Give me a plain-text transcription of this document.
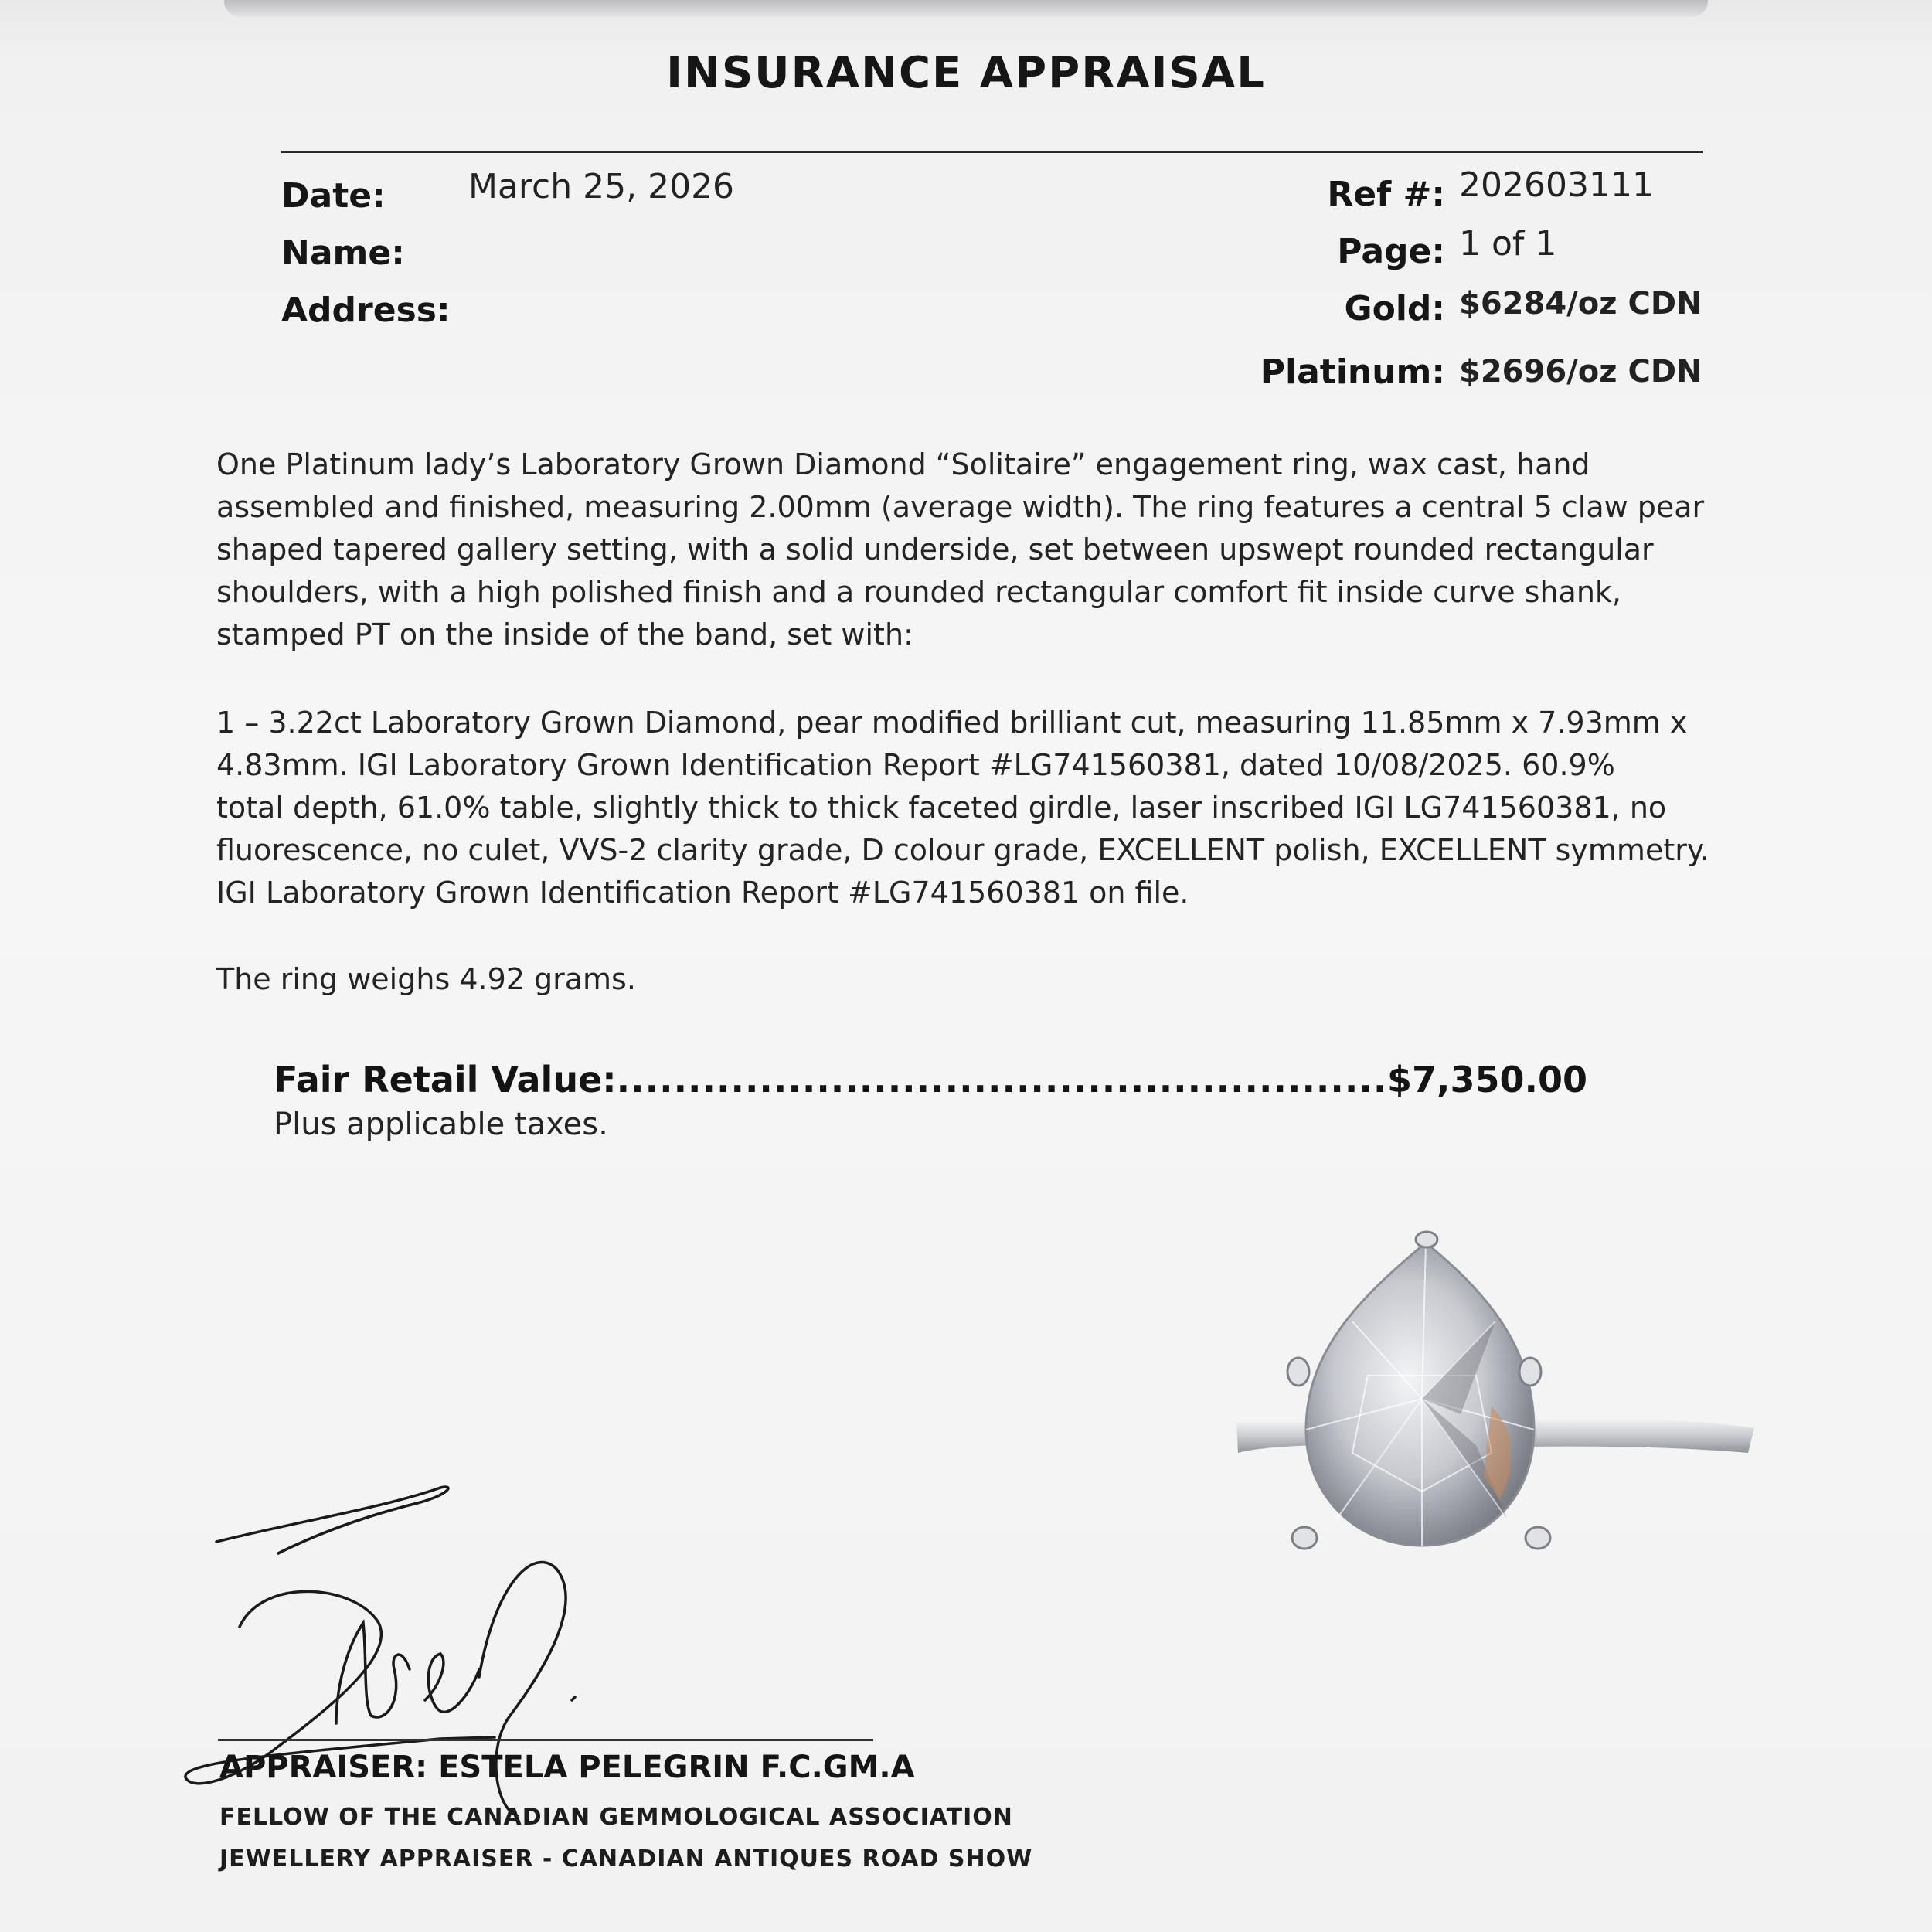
INSURANCE APPRAISAL
Date: March 25, 2026
Name:
Address:
Ref #: 202603111
Page: 1 of 1
Gold: $6284/oz CDN
Platinum: $2696/oz CDN

One Platinum lady’s Laboratory Grown Diamond “Solitaire” engagement ring, wax cast, hand
assembled and finished, measuring 2.00mm (average width). The ring features a central 5 claw pear
shaped tapered gallery setting, with a solid underside, set between upswept rounded rectangular
shoulders, with a high polished finish and a rounded rectangular comfort fit inside curve shank,
stamped PT on the inside of the band, set with:

1 – 3.22ct Laboratory Grown Diamond, pear modified brilliant cut, measuring 11.85mm x 7.93mm x
4.83mm. IGI Laboratory Grown Identification Report #LG741560381, dated 10/08/2025. 60.9%
total depth, 61.0% table, slightly thick to thick faceted girdle, laser inscribed IGI LG741560381, no
fluorescence, no culet, VVS-2 clarity grade, D colour grade, EXCELLENT polish, EXCELLENT symmetry.
IGI Laboratory Grown Identification Report #LG741560381 on file.

The ring weighs 4.92 grams.

Fair Retail Value:
.....	$7,350.00
Plus applicable taxes.
APPRAISER: ESTELA PELEGRIN F.C.GM.A
FELLOW OF THE CANADIAN GEMMOLOGICAL ASSOCIATION
JEWELLERY APPRAISER - CANADIAN ANTIQUES ROAD SHOW
